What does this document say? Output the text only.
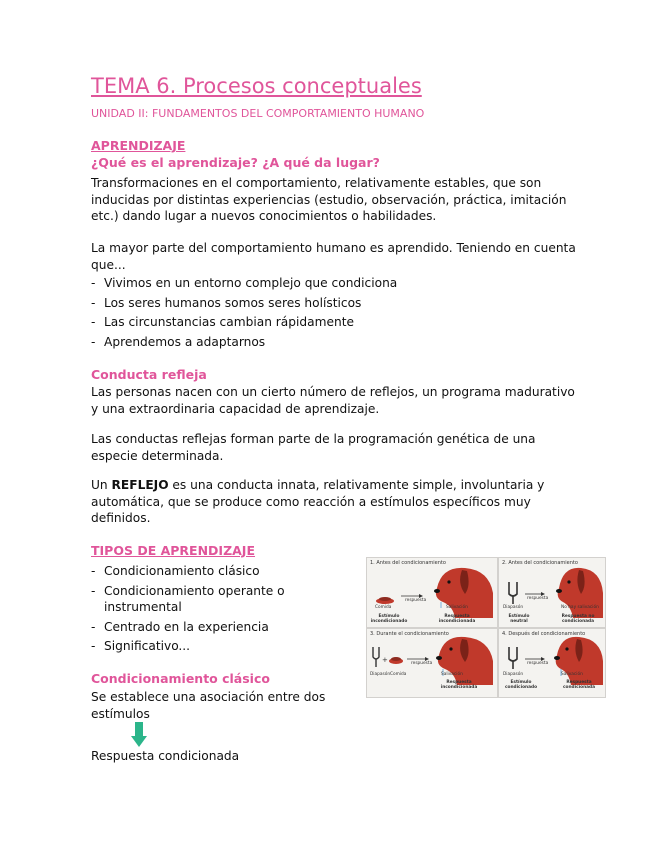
TEMA 6. Procesos conceptuales
UNIDAD II: FUNDAMENTOS DEL COMPORTAMIENTO HUMANO
APRENDIZAJE
¿Qué es el aprendizaje? ¿A qué da lugar?
Transformaciones en el comportamiento, relativamente estables, que son
inducidas por distintas experiencias (estudio, observación, práctica, imitación
etc.) dando lugar a nuevos conocimientos o habilidades.
La mayor parte del comportamiento humano es aprendido. Teniendo en cuenta
que...
- Vivimos en un entorno complejo que condiciona
- Los seres humanos somos seres holísticos
- Las circunstancias cambian rápidamente
- Aprendemos a adaptarnos
Conducta refleja
Las personas nacen con un cierto número de reflejos, un programa madurativo
y una extraordinaria capacidad de aprendizaje.
Las conductas reflejas forman parte de la programación genética de una
especie determinada.
Un REFLEJO es una conducta innata, relativamente simple, involuntaria y
automática, que se produce como reacción a estímulos específicos muy
definidos.
TIPOS DE APRENDIZAJE
- Condicionamiento clásico
- Condicionamiento operante o
instrumental
- Centrado en la experiencia
- Significativo...
Condicionamiento clásico
Se establece una asociación entre dos
estímulos
Respuesta condicionada
1. Antes del condicionamiento
Comida
respuesta
Salivación
Estímulo incondicionado
Respuesta incondicionada
2. Antes del condicionamiento
Diapasón
respuesta
No hay salivación
Estímulo neutral
Respuesta no condicionada
3. Durante el condicionamiento
+
Diapasón Comida
respuesta
Salivación
Respuesta incondicionada
4. Después del condicionamiento
Diapasón
respuesta
Salivación
Estímulo condicionado
Respuesta condicionada
